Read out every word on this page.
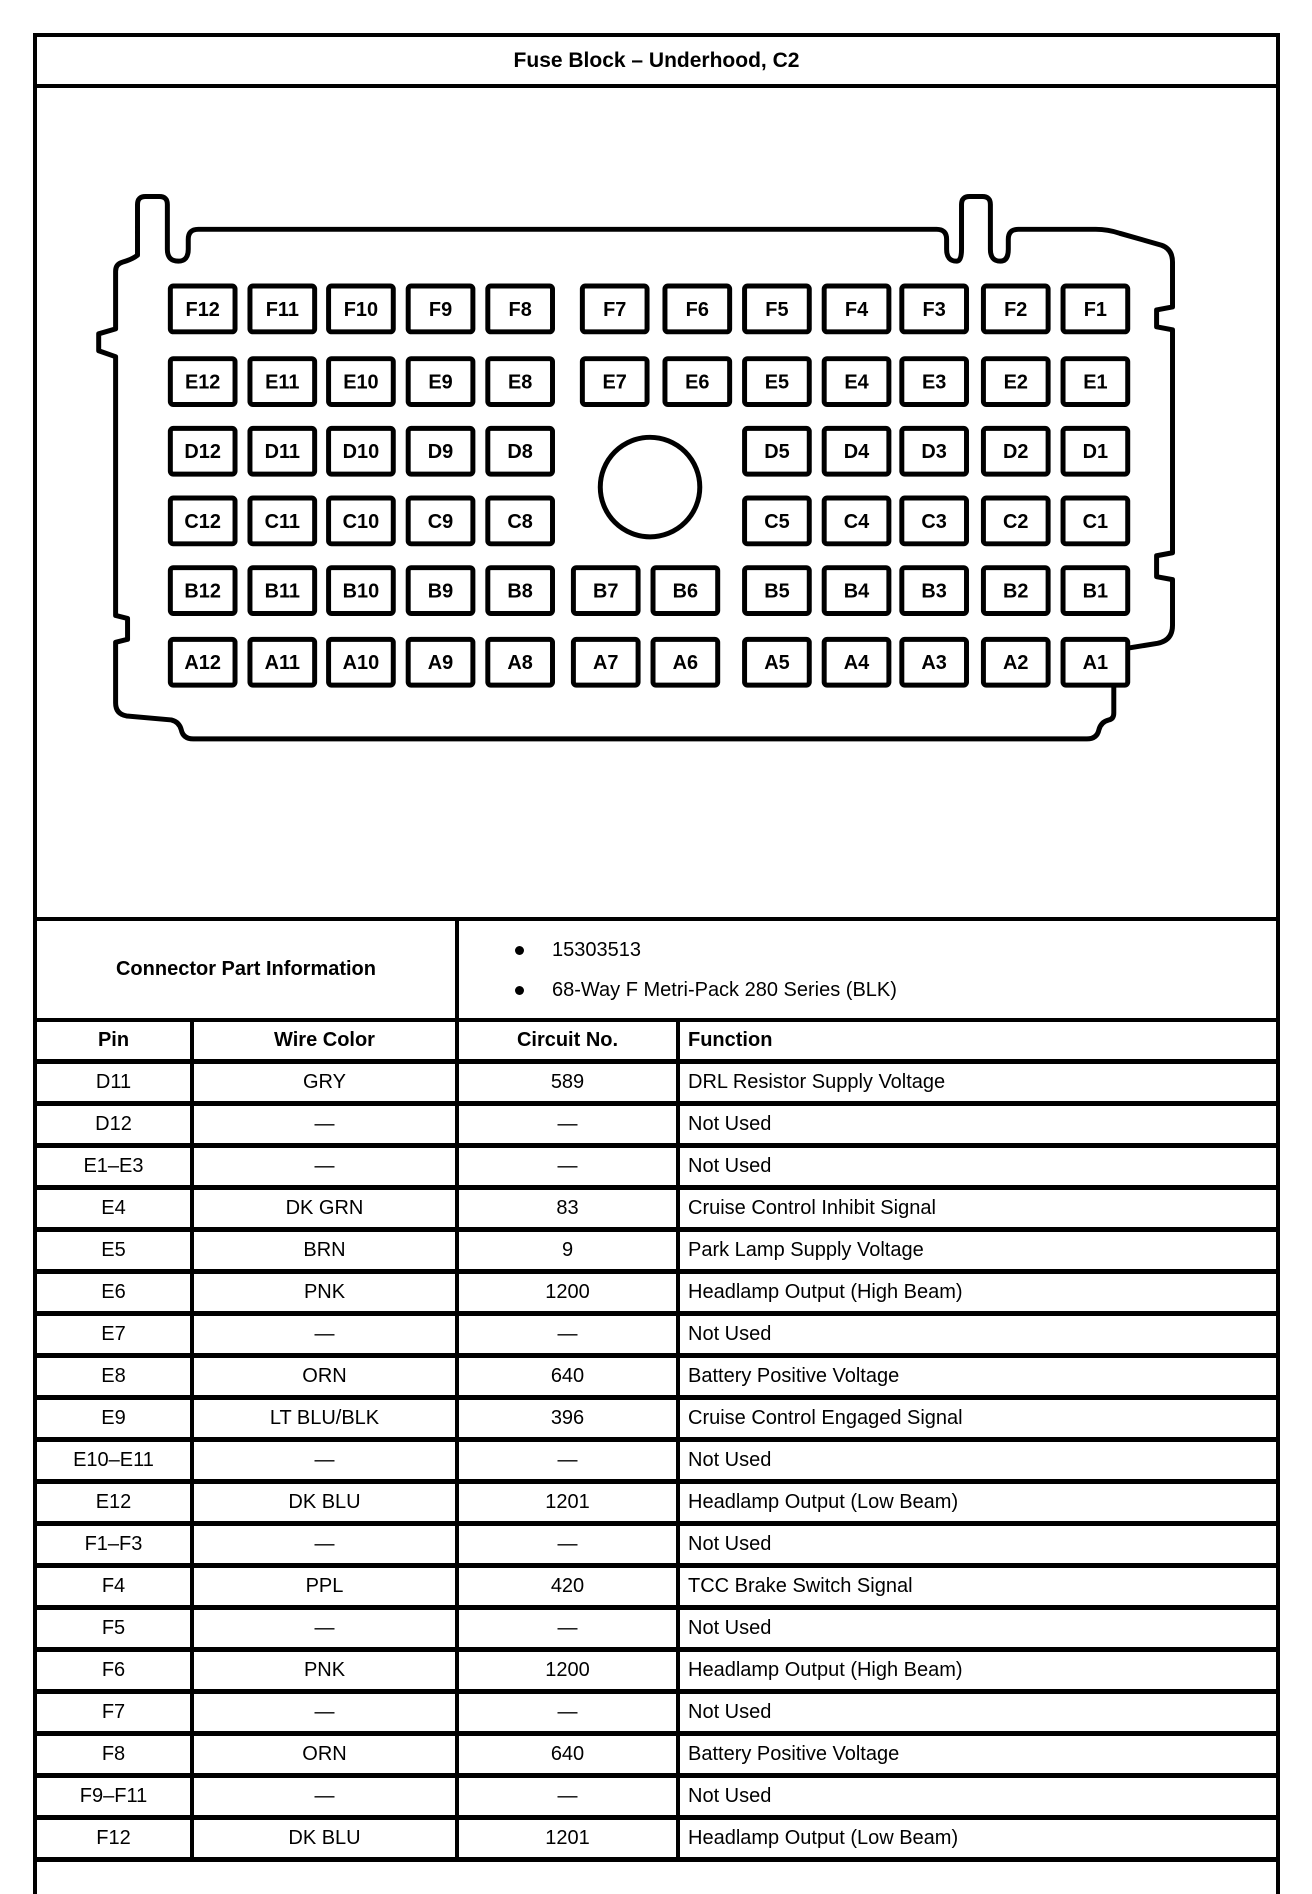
Fuse Block – Underhood, C2
F12 F11 F10	F9	F8	F7	F6	F5	F4	F3	F2	F1
E12 E11 E10 E9	E8	E7	E6	E5	E4	E3	E2	E1
D12 D11 D10 D9	D8	D5	D4	D3	D2	D1
C12 C11 C10 C9	C8	C5	C4	C3	C2	C1
B12 B11 B10 B9	B8	B7	B6	B5	B4	B3	B2	B1
A12 A11 A10 A9	A8	A7	A6	A5	A4	A3	A2	A1
Connector Part Information
15303513
68-Way F Metri-Pack 280 Series (BLK)
Pin	Wire Color	Circuit No.	Function
D11	GRY	589	DRL Resistor Supply Voltage
D12	—	—	Not Used
E1–E3	—	—	Not Used
E4	DK GRN	83	Cruise Control Inhibit Signal
E5	BRN	9	Park Lamp Supply Voltage
E6	PNK	1200	Headlamp Output (High Beam)
E7	—	—	Not Used
E8	ORN	640	Battery Positive Voltage
E9	LT BLU/BLK	396	Cruise Control Engaged Signal
E10–E11	—	—	Not Used
E12	DK BLU	1201	Headlamp Output (Low Beam)
F1–F3	—	—	Not Used
F4	PPL	420	TCC Brake Switch Signal
F5	—	—	Not Used
F6	PNK	1200	Headlamp Output (High Beam)
F7	—	—	Not Used
F8	ORN	640	Battery Positive Voltage
F9–F11	—	—	Not Used
F12	DK BLU	1201	Headlamp Output (Low Beam)
